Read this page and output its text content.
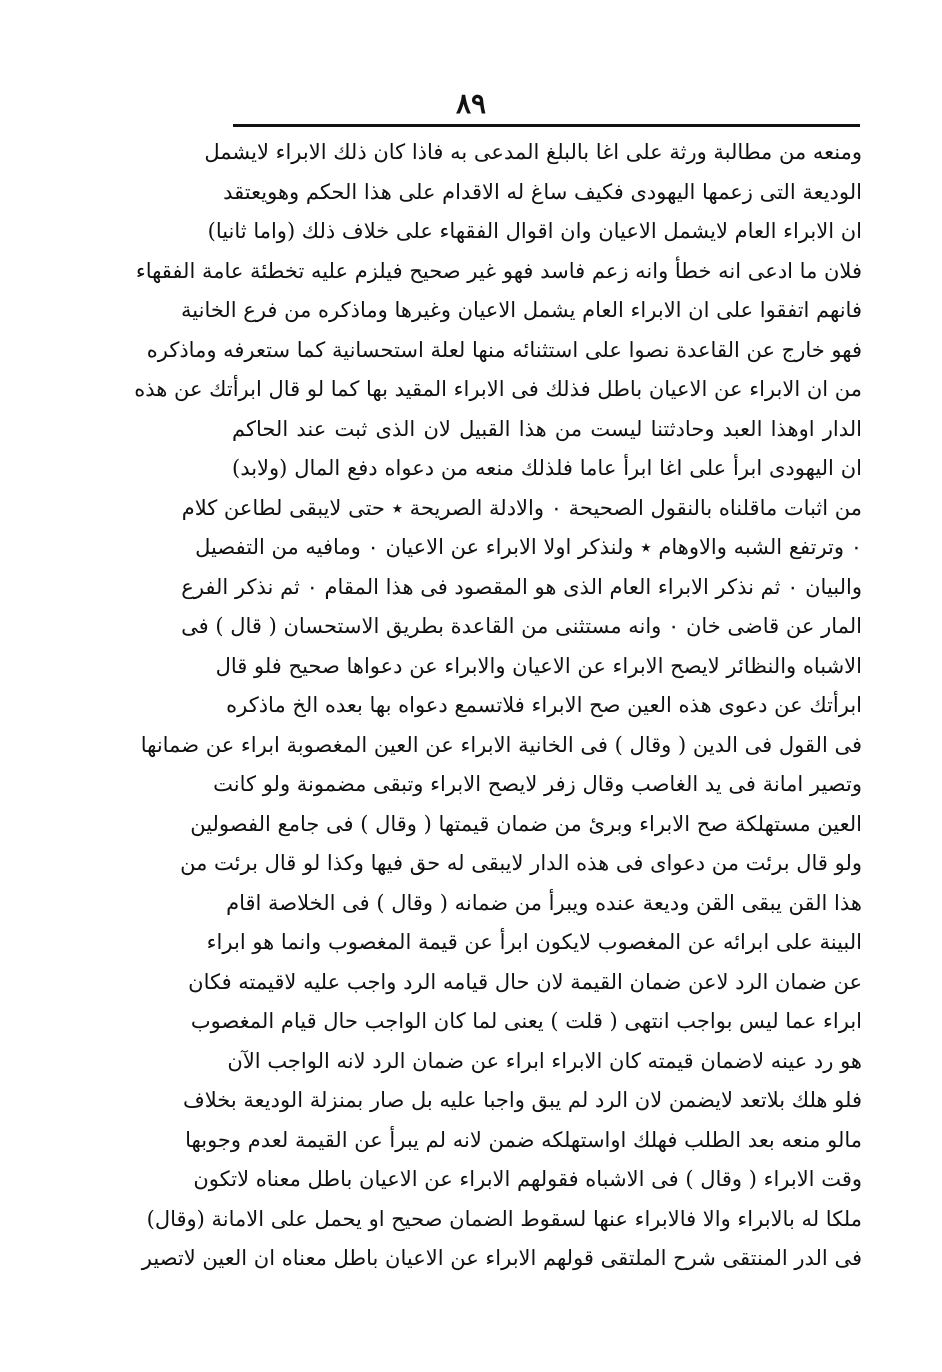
٨٩
ومنعه من مطالبة ورثة على اغا بالبلغ المدعى به فاذا كان ذلك الابراء لايشمل
الوديعة التى زعمها اليهودى فكيف ساغ له الاقدام على هذا الحكم وهويعتقد
ان الابراء العام لايشمل الاعيان وان اقوال الفقهاء على خلاف ذلك (واما ثانيا)
فلان ما ادعى انه خطأ وانه زعم فاسد فهو غير صحيح فيلزم عليه تخطئة عامة الفقهاء
فانهم اتفقوا على ان الابراء العام يشمل الاعيان وغيرها وماذكره من فرع الخانية
فهو خارج عن القاعدة نصوا على استثنائه منها لعلة استحسانية كما ستعرفه وماذكره
من ان الابراء عن الاعيان باطل فذلك فى الابراء المقيد بها كما لو قال ابرأتك عن هذه
الدار اوهذا العبد وحادثتنا ليست من هذا القبيل لان الذى ثبت عند الحاكم
ان اليهودى ابرأ على اغا ابرأ عاما فلذلك منعه من دعواه دفع المال (ولابد)
من اثبات ماقلناه بالنقول الصحيحة ٠ والادلة الصريحة ٭ حتى لايبقى لطاعن كلام
٠ وترتفع الشبه والاوهام ٭ ولنذكر اولا الابراء عن الاعيان ٠ ومافيه من التفصيل
والبيان ٠ ثم نذكر الابراء العام الذى هو المقصود فى هذا المقام ٠ ثم نذكر الفرع
المار عن قاضى خان ٠ وانه مستثنى من القاعدة بطريق الاستحسان ( قال ) فى
الاشباه والنظائر لايصح الابراء عن الاعيان والابراء عن دعواها صحيح فلو قال
ابرأتك عن دعوى هذه العين صح الابراء فلاتسمع دعواه بها بعده الخ ماذكره
فى القول فى الدين ( وقال ) فى الخانية الابراء عن العين المغصوبة ابراء عن ضمانها
وتصير امانة فى يد الغاصب وقال زفر لايصح الابراء وتبقى مضمونة ولو كانت
العين مستهلكة صح الابراء وبرئ من ضمان قيمتها ( وقال ) فى جامع الفصولين
ولو قال برئت من دعواى فى هذه الدار لايبقى له حق فيها وكذا لو قال برئت من
هذا القن يبقى القن وديعة عنده ويبرأ من ضمانه ( وقال ) فى الخلاصة اقام
البينة على ابرائه عن المغصوب لايكون ابرأ عن قيمة المغصوب وانما هو ابراء
عن ضمان الرد لاعن ضمان القيمة لان حال قيامه الرد واجب عليه لاقيمته فكان
ابراء عما ليس بواجب انتهى ( قلت ) يعنى لما كان الواجب حال قيام المغصوب
هو رد عينه لاضمان قيمته كان الابراء ابراء عن ضمان الرد لانه الواجب الآن
فلو هلك بلاتعد لايضمن لان الرد لم يبق واجبا عليه بل صار بمنزلة الوديعة بخلاف
مالو منعه بعد الطلب فهلك اواستهلكه ضمن لانه لم يبرأ عن القيمة لعدم وجوبها
وقت الابراء ( وقال ) فى الاشباه فقولهم الابراء عن الاعيان باطل معناه لاتكون
ملكا له بالابراء والا فالابراء عنها لسقوط الضمان صحيح او يحمل على الامانة (وقال)
فى الدر المنتقى شرح الملتقى قولهم الابراء عن الاعيان باطل معناه ان العين لاتصير
